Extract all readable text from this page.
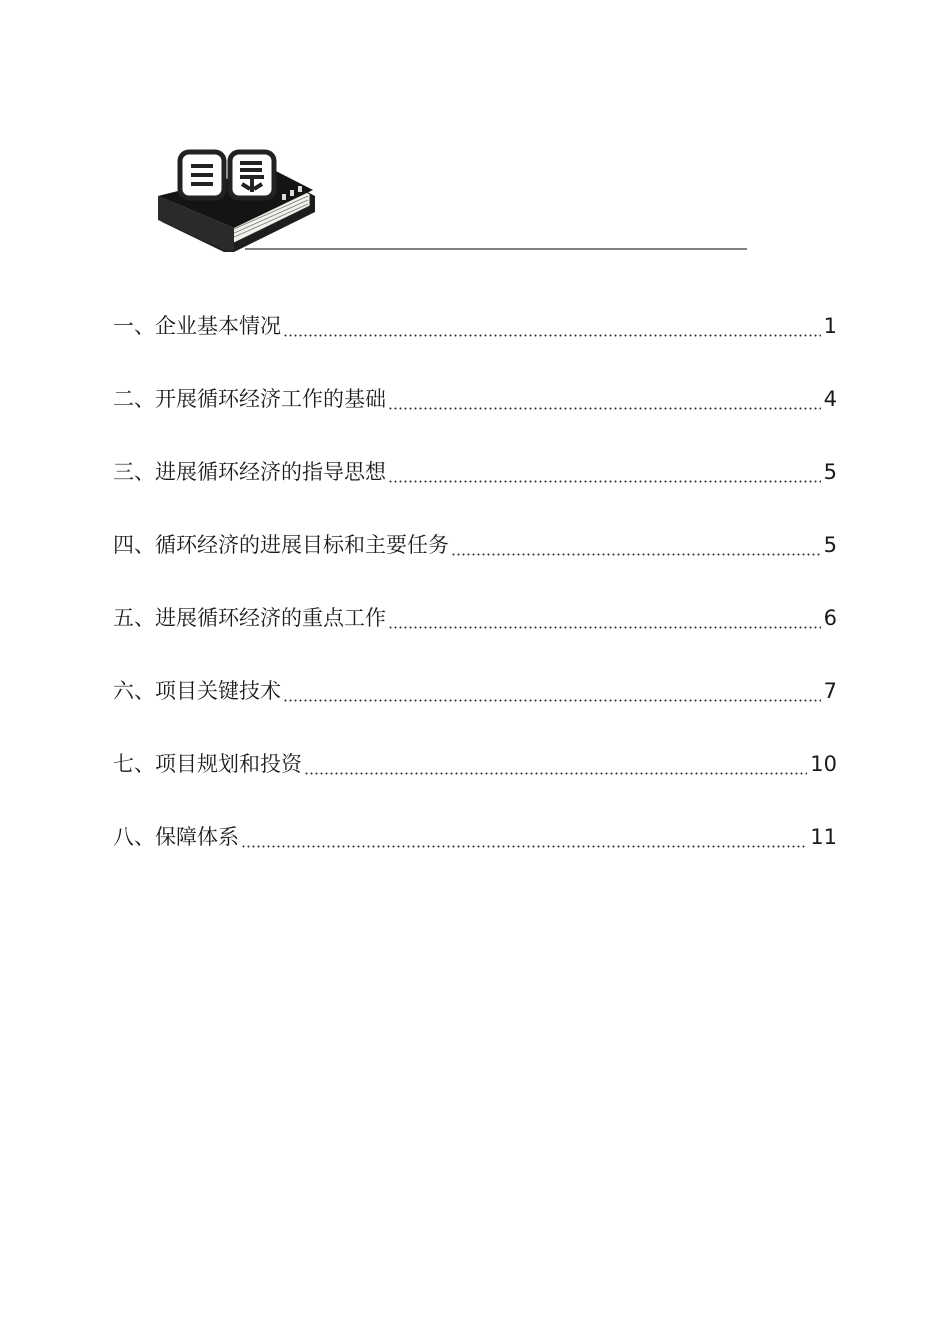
一、企业基本情况	1
二、开展循环经济工作的基础	4
三、进展循环经济的指导思想	5
四、循环经济的进展目标和主要任务	5
五、进展循环经济的重点工作	6
六、项目关键技术	7
七、项目规划和投资	10
八、保障体系	11
